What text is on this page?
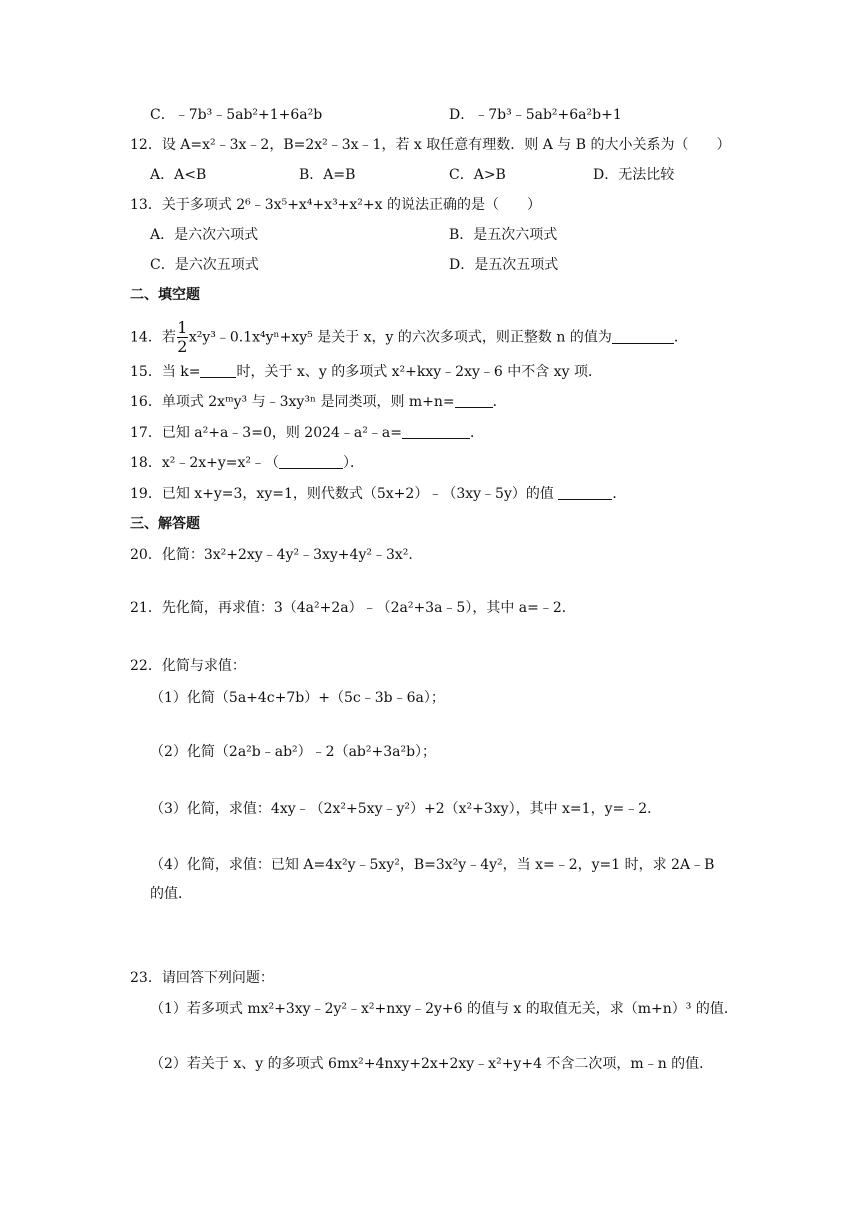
C．﹣7b³﹣5ab²+1+6a²b	D．﹣7b³﹣5ab²+6a²b+1
12．设 A=x²﹣3x﹣2，B=2x²﹣3x﹣1，若 x 取任意有理数．则 A 与 B 的大小关系为（　　）
A．A<B	B．A=B	C．A>B	D．无法比较
13．关于多项式 2⁶﹣3x⁵+x⁴+x³+x²+x 的说法正确的是（　　）
A．是六次六项式	B．是五次六项式
C．是六次五项式	D．是五次五项式
二、填空题
14．若 $\frac{1}{2}$ x²y³﹣0.1x⁴yⁿ+xy⁵ 是关于 x，y 的六次多项式，则正整数 n 的值为	．
15．当 k=	时，关于 x、y 的多项式 x²+kxy﹣2xy﹣6 中不含 xy 项．
16．单项式 2xᵐy³ 与﹣3xy³ⁿ 是同类项，则 m+n=	．
17．已知 a²+a﹣3=0，则 2024﹣a²﹣a=	．
18．x²﹣2x+y=x²﹣（	）．
19．已知 x+y=3，xy=1，则代数式（5x+2）﹣（3xy﹣5y）的值	．
三、解答题
20．化简：3x²+2xy﹣4y²﹣3xy+4y²﹣3x²．
21．先化简，再求值：3（4a²+2a）﹣（2a²+3a﹣5），其中 a=﹣2．
22．化简与求值：
（1）化简（5a+4c+7b）+（5c﹣3b﹣6a）；
（2）化简（2a²b﹣ab²）﹣2（ab²+3a²b）；
（3）化简，求值：4xy﹣（2x²+5xy﹣y²）+2（x²+3xy），其中 x=1，y=﹣2．
（4）化简，求值：已知 A=4x²y﹣5xy²，B=3x²y﹣4y²，当 x=﹣2，y=1 时，求 2A﹣B
的值．
23．请回答下列问题：
（1）若多项式 mx²+3xy﹣2y²﹣x²+nxy﹣2y+6 的值与 x 的取值无关，求（m+n）³ 的值．
（2）若关于 x、y 的多项式 6mx²+4nxy+2x+2xy﹣x²+y+4 不含二次项，m﹣n 的值．
